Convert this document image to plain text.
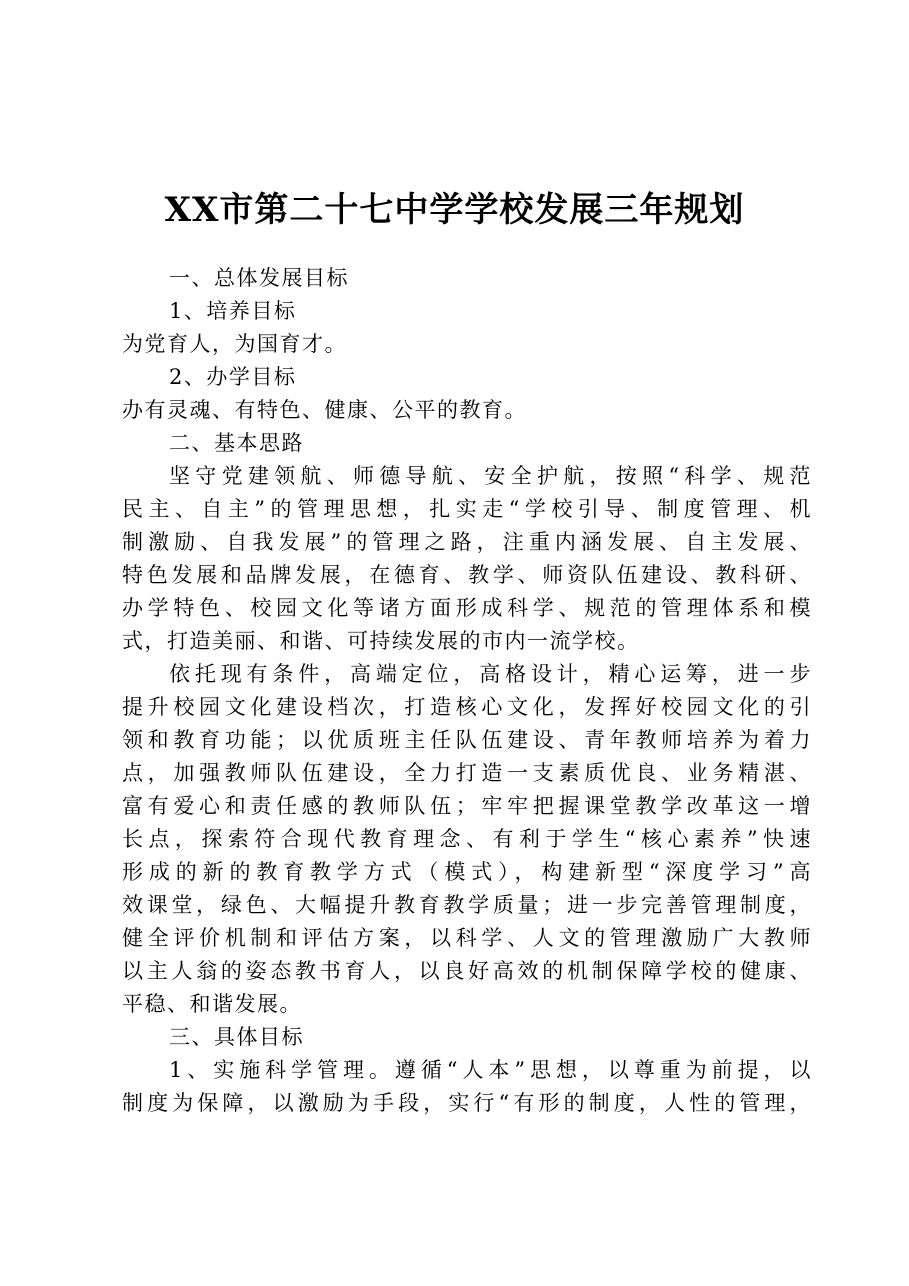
XX市第二十七中学学校发展三年规划
一、总体发展目标
1、培养目标
为党育人，为国育才。
2、办学目标
办有灵魂、有特色、健康、公平的教育。
二、基本思路
坚守党建领航、师德导航、安全护航，按照“科学、规范
民主、自主”的管理思想，扎实走“学校引导、制度管理、机
制激励、自我发展”的管理之路，注重内涵发展、自主发展、
特色发展和品牌发展，在德育、教学、师资队伍建设、教科研、
办学特色、校园文化等诸方面形成科学、规范的管理体系和模
式，打造美丽、和谐、可持续发展的市内一流学校。
依托现有条件，高端定位，高格设计，精心运筹，进一步
提升校园文化建设档次，打造核心文化，发挥好校园文化的引
领和教育功能；以优质班主任队伍建设、青年教师培养为着力
点，加强教师队伍建设，全力打造一支素质优良、业务精湛、
富有爱心和责任感的教师队伍；牢牢把握课堂教学改革这一增
长点，探索符合现代教育理念、有利于学生“核心素养”快速
形成的新的教育教学方式（模式），构建新型“深度学习”高
效课堂，绿色、大幅提升教育教学质量；进一步完善管理制度，
健全评价机制和评估方案，以科学、人文的管理激励广大教师
以主人翁的姿态教书育人，以良好高效的机制保障学校的健康、
平稳、和谐发展。
三、具体目标
1、实施科学管理。遵循“人本”思想，以尊重为前提，以
制度为保障，以激励为手段，实行“有形的制度，人性的管理，
